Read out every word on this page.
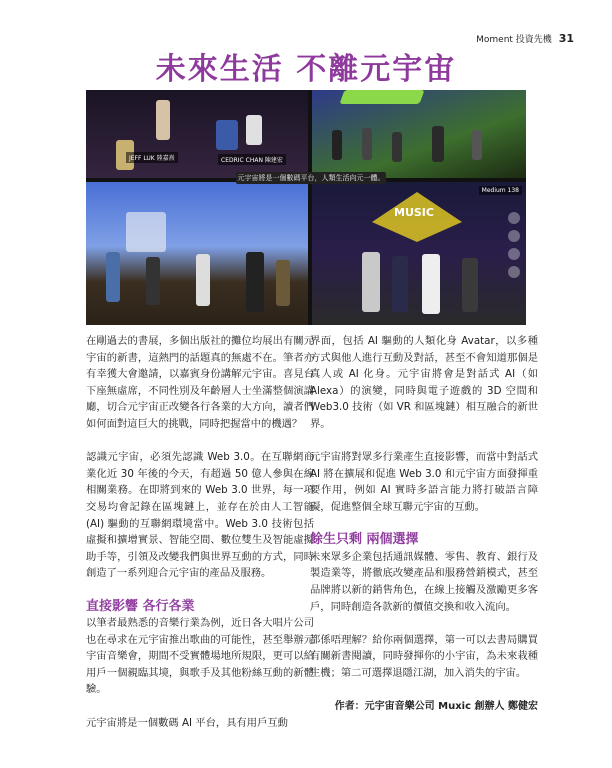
Moment 投資先機 31
未來生活 不離元宇宙
JEFF LUK 陸嘉熹	CEDRIC CHAN 陳建宏
MUSIC
Medium 138
元宇宙將是一個數碼平台，人類生活向元一體。

在剛過去的書展，多個出版社的攤位均展出有關元宇宙的新書，這熱門的話題真的無處不在。筆者亦有幸獲大會邀請，以嘉賓身份講解元宇宙。喜見台下座無虛席，不同性別及年齡層人士坐滿整個演講廳，切合元宇宙正改變各行各業的大方向，讀者們如何面對這巨大的挑戰，同時把握當中的機遇？

認識元宇宙，必須先認識 Web 3.0。在互聯網商業化近 30 年後的今天，有超過 50 億人參與在線相關業務。在即將到來的 Web 3.0 世界，每一項交易均會記錄在區塊鏈上，並存在於由人工智能 (AI) 驅動的互聯網環境當中。Web 3.0 技術包括虛擬和擴增實景、智能空間、數位雙生及智能虛擬助手等，引領及改變我們與世界互動的方式，同時創造了一系列迎合元宇宙的產品及服務。

直接影響 各行各業

以筆者最熟悉的音樂行業為例，近日各大唱片公司也在尋求在元宇宙推出歌曲的可能性，甚至舉辦元宇宙音樂會，期間不受實體場地所規限，更可以給用戶一個親臨其境，與歌手及其他粉絲互動的新體驗。

元宇宙將是一個數碼 AI 平台，具有用戶互動

界面，包括 AI 驅動的人類化身 Avatar，以多種方式與他人進行互動及對話，甚至不會知道那個是真人或 AI 化身。元宇宙將會是對話式 AI（如 Alexa）的演變，同時與電子遊戲的 3D 空間和 Web3.0 技術（如 VR 和區塊鏈）相互融合的新世界。

元宇宙將對眾多行業產生直接影響，而當中對話式 AI 將在擴展和促進 Web 3.0 和元宇宙方面發揮重要作用，例如 AI 實時多語言能力將打破語言障礙，促進整個全球互聯元宇宙的互動。

餘生只剩 兩個選擇

未來眾多企業包括通訊媒體、零售、教育、銀行及製造業等，將徹底改變產品和服務營銷模式，甚至品牌將以新的銷售角色，在線上接觸及激勵更多客戶，同時創造各款新的價值交換和收入流向。

都係唔理解？給你兩個選擇，第一可以去書局購買有關新書閱讀，同時發揮你的小宇宙，為未來栽種生機；第二可選擇退隱江湖，加入消失的宇宙。

作者：元宇宙音樂公司 Muxic 創辦人 鄭健宏
